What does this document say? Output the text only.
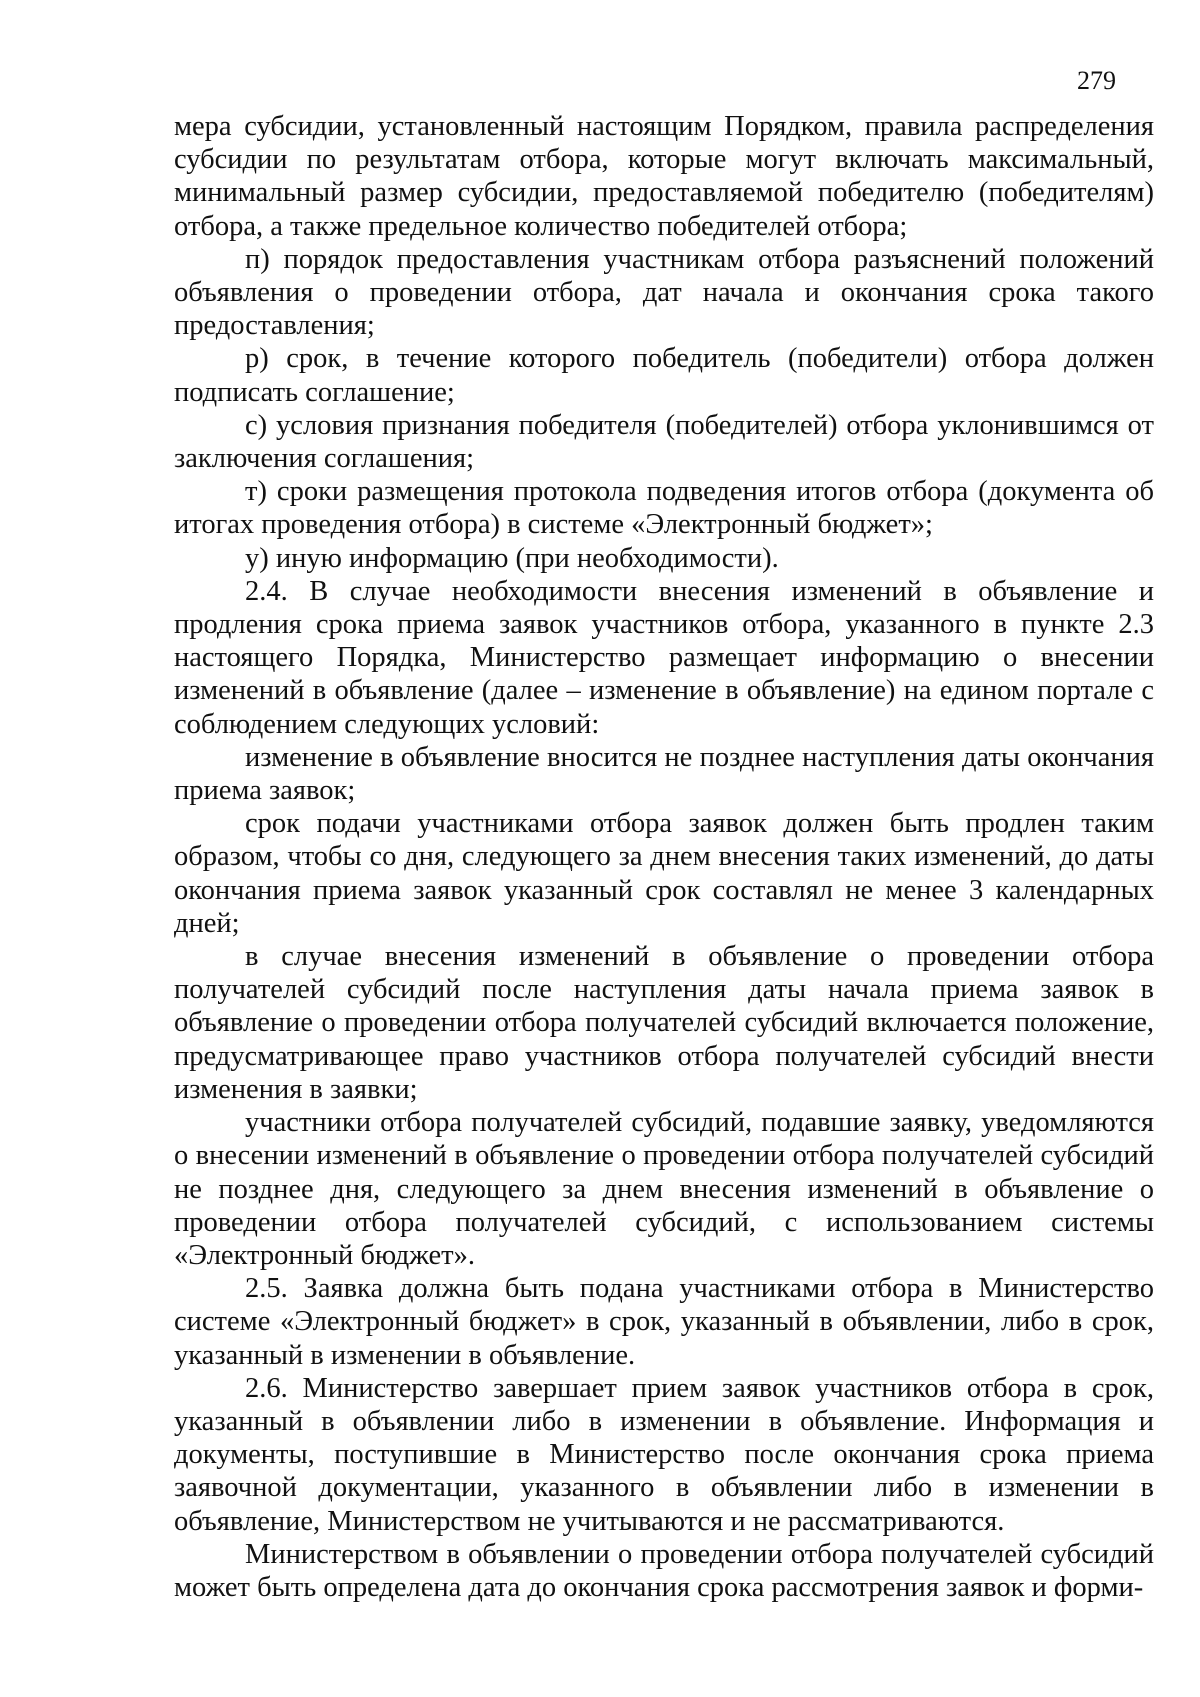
279

мера субсидии, установленный настоящим Порядком, правила распределения субсидии по результатам отбора, которые могут включать максимальный, минимальный размер субсидии, предоставляемой победителю (победителям) отбора, а также предельное количество победителей отбора;

п) порядок предоставления участникам отбора разъяснений положений объявления о проведении отбора, дат начала и окончания срока такого предоставления;

р) срок, в течение которого победитель (победители) отбора должен подписать соглашение;

с) условия признания победителя (победителей) отбора уклонившимся от заключения соглашения;

т) сроки размещения протокола подведения итогов отбора (документа об итогах проведения отбора) в системе «Электронный бюджет»;

у) иную информацию (при необходимости).

2.4. В случае необходимости внесения изменений в объявление и продления срока приема заявок участников отбора, указанного в пункте 2.3 настоящего Порядка, Министерство размещает информацию о внесении изменений в объявление (далее – изменение в объявление) на едином портале с соблюдением следующих условий:

изменение в объявление вносится не позднее наступления даты окончания приема заявок;

срок подачи участниками отбора заявок должен быть продлен таким образом, чтобы со дня, следующего за днем внесения таких изменений, до даты окончания приема заявок указанный срок составлял не менее 3 календарных дней;

в случае внесения изменений в объявление о проведении отбора получателей субсидий после наступления даты начала приема заявок в объявление о проведении отбора получателей субсидий включается положение, предусматривающее право участников отбора получателей субсидий внести изменения в заявки;

участники отбора получателей субсидий, подавшие заявку, уведомляются о внесении изменений в объявление о проведении отбора получателей субсидий не позднее дня, следующего за днем внесения изменений в объявление о проведении отбора получателей субсидий, с использованием системы «Электронный бюджет».

2.5. Заявка должна быть подана участниками отбора в Министерство системе «Электронный бюджет» в срок, указанный в объявлении, либо в срок, указанный в изменении в объявление.

2.6. Министерство завершает прием заявок участников отбора в срок, указанный в объявлении либо в изменении в объявление. Информация и документы, поступившие в Министерство после окончания срока приема заявочной документации, указанного в объявлении либо в изменении в объявление, Министерством не учитываются и не рассматриваются.

Министерством в объявлении о проведении отбора получателей субсидий может быть определена дата до окончания срока рассмотрения заявок и форми-
